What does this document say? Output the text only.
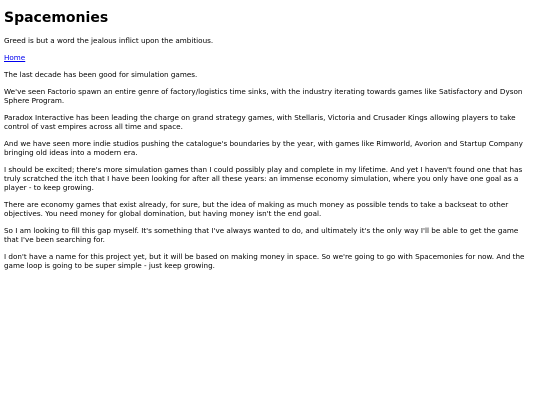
Spacemonies

Greed is but a word the jealous inflict upon the ambitious.

Home

The last decade has been good for simulation games.

We've seen Factorio spawn an entire genre of factory/logistics time sinks, with the industry iterating towards games like Satisfactory and Dyson Sphere Program.

Paradox Interactive has been leading the charge on grand strategy games, with Stellaris, Victoria and Crusader Kings allowing players to take control of vast empires across all time and space.

And we have seen more indie studios pushing the catalogue's boundaries by the year, with games like Rimworld, Avorion and Startup Company bringing old ideas into a modern era.

I should be excited; there's more simulation games than I could possibly play and complete in my lifetime. And yet I haven't found one that has truly scratched the itch that I have been looking for after all these years: an immense economy simulation, where you only have one goal as a player - to keep growing.

There are economy games that exist already, for sure, but the idea of making as much money as possible tends to take a backseat to other objectives. You need money for global domination, but having money isn't the end goal.

So I am looking to fill this gap myself. It's something that I've always wanted to do, and ultimately it's the only way I'll be able to get the game that I've been searching for.

I don't have a name for this project yet, but it will be based on making money in space. So we're going to go with Spacemonies for now. And the game loop is going to be super simple - just keep growing.
